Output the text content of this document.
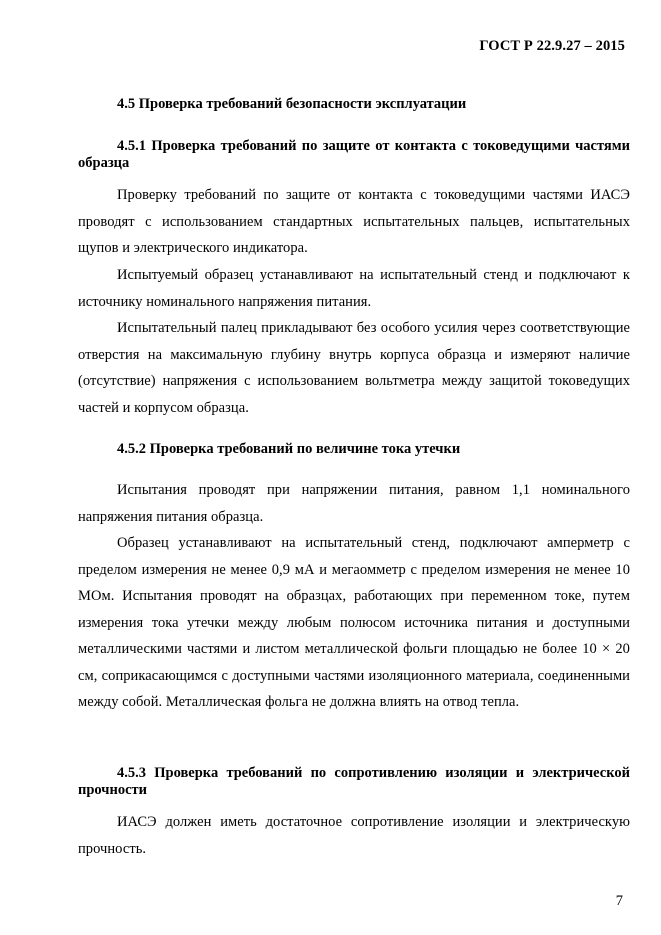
ГОСТ Р 22.9.27 – 2015
4.5 Проверка требований безопасности эксплуатации
4.5.1 Проверка требований по защите от контакта с токоведущими частями образца
Проверку требований по защите от контакта с токоведущими частями ИАСЭ проводят с использованием стандартных испытательных пальцев, испытательных щупов и электрического индикатора.
Испытуемый образец устанавливают на испытательный стенд и подключают к источнику номинального напряжения питания.
Испытательный палец прикладывают без особого усилия через соответствующие отверстия на максимальную глубину внутрь корпуса образца и измеряют наличие (отсутствие) напряжения с использованием вольтметра между защитой токоведущих частей и корпусом образца.
4.5.2 Проверка требований по величине тока утечки
Испытания проводят при напряжении питания, равном 1,1 номинального напряжения питания образца.
Образец устанавливают на испытательный стенд, подключают амперметр с пределом измерения не менее 0,9 мА и мегаомметр с пределом измерения не менее 10 МОм. Испытания проводят на образцах, работающих при переменном токе, путем измерения тока утечки между любым полюсом источника питания и доступными металлическими частями и листом металлической фольги площадью не более 10 × 20 см, соприкасающимся с доступными частями изоляционного материала, соединенными между собой. Металлическая фольга не должна влиять на отвод тепла.
4.5.3 Проверка требований по сопротивлению изоляции и электрической прочности
ИАСЭ должен иметь достаточное сопротивление изоляции и электрическую прочность.
7
